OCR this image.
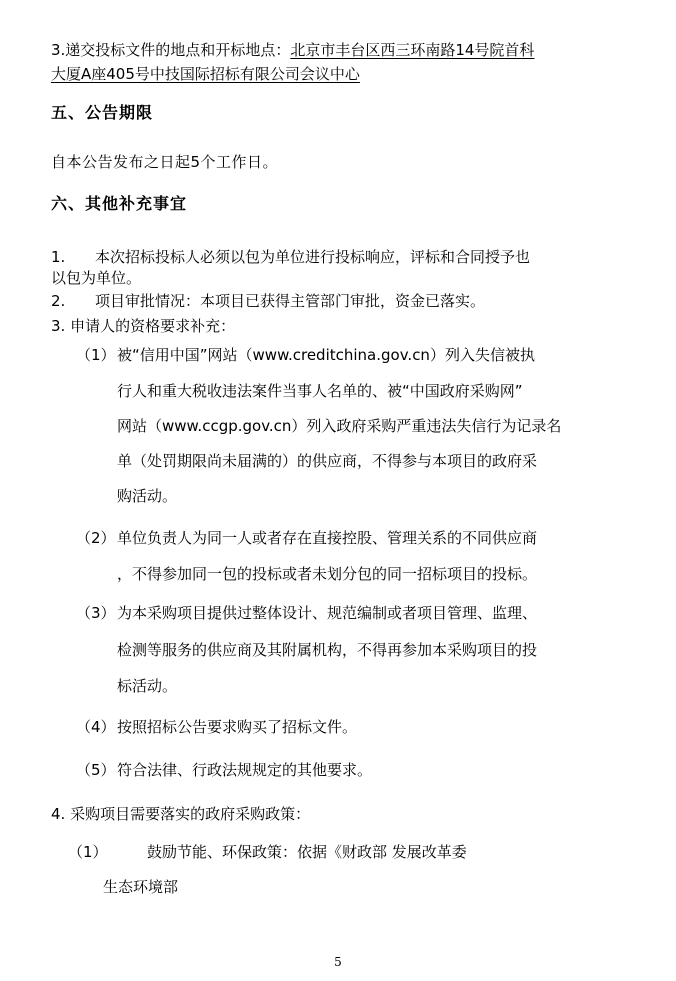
3.递交投标文件的地点和开标地点：北京市丰台区西三环南路14号院首科
大厦A座405号中技国际招标有限公司会议中心
五、公告期限
自本公告发布之日起5个工作日。
六、其他补充事宜
1. 本次招标投标人必须以包为单位进行投标响应，评标和合同授予也
以包为单位。
2. 项目审批情况：本项目已获得主管部门审批，资金已落实。
3. 申请人的资格要求补充：
（1） 被“信用中国”网站（www.creditchina.gov.cn）列入失信被执
行人和重大税收违法案件当事人名单的、被“中国政府采购网”
网站（www.ccgp.gov.cn）列入政府采购严重违法失信行为记录名
单（处罚期限尚未届满的）的供应商，不得参与本项目的政府采
购活动。
（2） 单位负责人为同一人或者存在直接控股、管理关系的不同供应商
，不得参加同一包的投标或者未划分包的同一招标项目的投标。
（3） 为本采购项目提供过整体设计、规范编制或者项目管理、监理、
检测等服务的供应商及其附属机构，不得再参加本采购项目的投
标活动。
（4） 按照招标公告要求购买了招标文件。
（5） 符合法律、行政法规规定的其他要求。
4. 采购项目需要落实的政府采购政策：
（1）	鼓励节能、环保政策：依据《财政部 发展改革委
生态环境部
5
